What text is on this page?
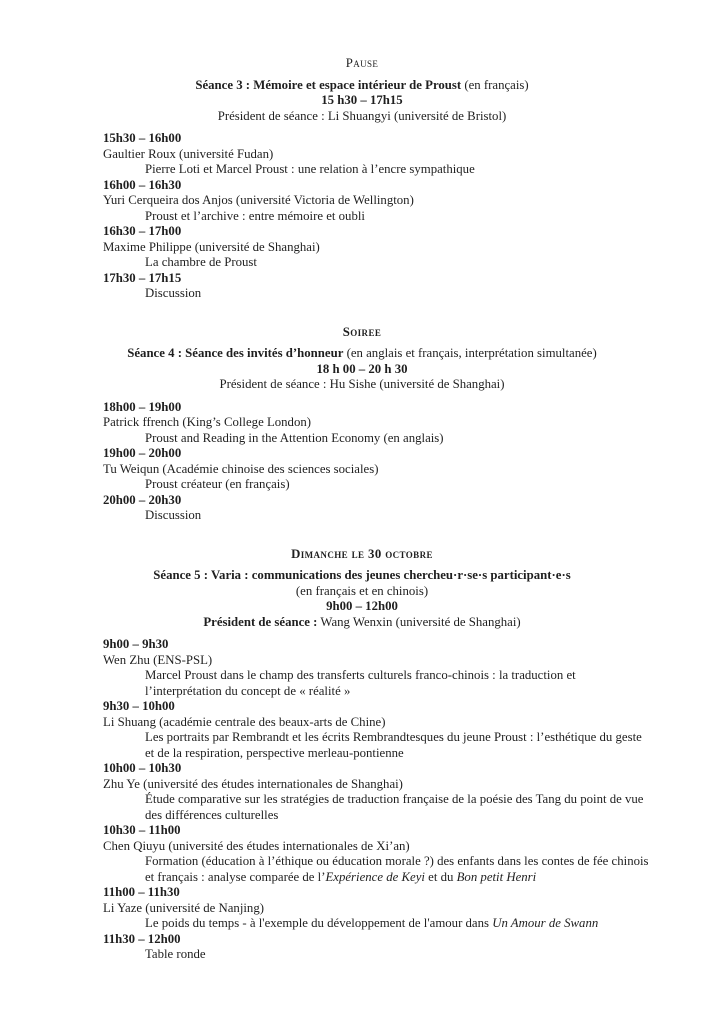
Pause
Séance 3 : Mémoire et espace intérieur de Proust (en français)
15 h30 – 17h15
Président de séance : Li Shuangyi (université de Bristol)
15h30 – 16h00
Gaultier Roux (université Fudan)
Pierre Loti et Marcel Proust : une relation à l’encre sympathique
16h00 – 16h30
Yuri Cerqueira dos Anjos (université Victoria de Wellington)
Proust et l’archive : entre mémoire et oubli
16h30 – 17h00
Maxime Philippe (université de Shanghai)
La chambre de Proust
17h30 – 17h15
Discussion
Soiree
Séance 4 : Séance des invités d’honneur (en anglais et français, interprétation simultanée)
18 h 00 – 20 h 30
Président de séance : Hu Sishe (université de Shanghai)
18h00 – 19h00
Patrick ffrench (King’s College London)
Proust and Reading in the Attention Economy (en anglais)
19h00 – 20h00
Tu Weiqun (Académie chinoise des sciences sociales)
Proust créateur (en français)
20h00 – 20h30
Discussion
Dimanche le 30 octobre
Séance 5 : Varia : communications des jeunes chercheu·r·se·s participant·e·s
(en français et en chinois)
9h00 – 12h00
Président de séance : Wang Wenxin (université de Shanghai)
9h00 – 9h30
Wen Zhu (ENS-PSL)
Marcel Proust dans le champ des transferts culturels franco-chinois : la traduction et
l’interprétation du concept de « réalité »
9h30 – 10h00
Li Shuang (académie centrale des beaux-arts de Chine)
Les portraits par Rembrandt et les écrits Rembrandtesques du jeune Proust : l’esthétique du geste
et de la respiration, perspective merleau-pontienne
10h00 – 10h30
Zhu Ye (université des études internationales de Shanghai)
Étude comparative sur les stratégies de traduction française de la poésie des Tang du point de vue
des différences culturelles
10h30 – 11h00
Chen Qiuyu (université des études internationales de Xi’an)
Formation (éducation à l’éthique ou éducation morale ?) des enfants dans les contes de fée chinois
et français : analyse comparée de l’Expérience de Keyi et du Bon petit Henri
11h00 – 11h30
Li Yaze (université de Nanjing)
Le poids du temps - à l'exemple du développement de l'amour dans Un Amour de Swann
11h30 – 12h00
Table ronde
